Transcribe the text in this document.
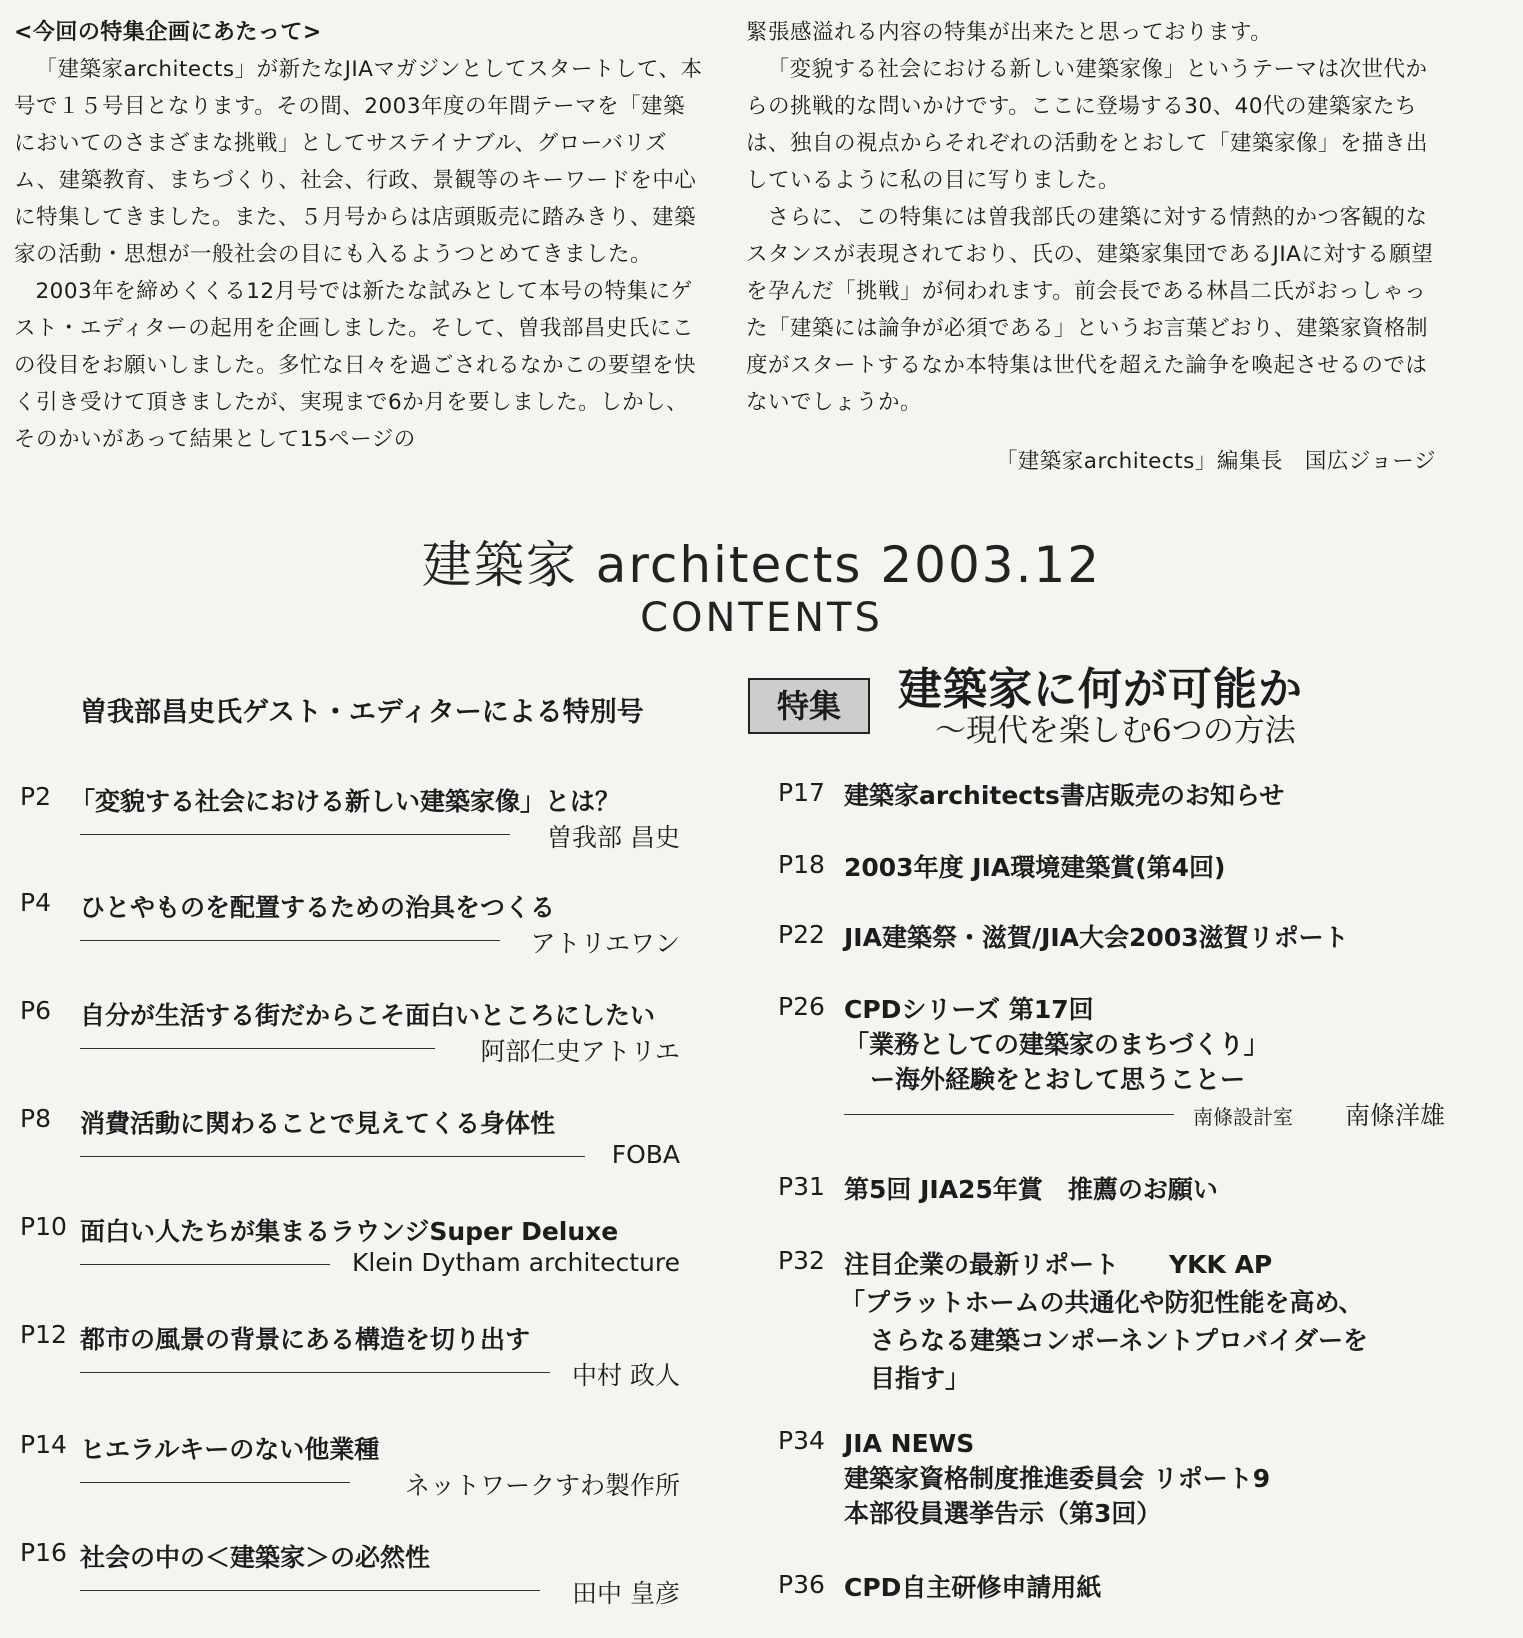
<今回の特集企画にあたって>

「建築家architects」が新たなJIAマガジンとしてスタートして、本号で１５号目となります。その間、2003年度の年間テーマを「建築においてのさまざまな挑戦」としてサステイナブル、グローバリズム、建築教育、まちづくり、社会、行政、景観等のキーワードを中心に特集してきました。また、５月号からは店頭販売に踏みきり、建築家の活動・思想が一般社会の目にも入るようつとめてきました。

2003年を締めくくる12月号では新たな試みとして本号の特集にゲスト・エディターの起用を企画しました。そして、曽我部昌史氏にこの役目をお願いしました。多忙な日々を過ごされるなかこの要望を快く引き受けて頂きましたが、実現まで6か月を要しました。しかし、そのかいがあって結果として15ページの

緊張感溢れる内容の特集が出来たと思っております。

「変貌する社会における新しい建築家像」というテーマは次世代からの挑戦的な問いかけです。ここに登場する30、40代の建築家たちは、独自の視点からそれぞれの活動をとおして「建築家像」を描き出しているように私の目に写りました。

さらに、この特集には曽我部氏の建築に対する情熱的かつ客観的なスタンスが表現されており、氏の、建築家集団であるJIAに対する願望を孕んだ「挑戦」が伺われます。前会長である林昌二氏がおっしゃった「建築には論争が必須である」というお言葉どおり、建築家資格制度がスタートするなか本特集は世代を超えた論争を喚起させるのではないでしょうか。

「建築家architects」編集長　国広ジョージ

建築家 architects 2003.12
CONTENTS
曽我部昌史氏ゲスト・エディターによる特別号	特集	建築家に何が可能か
〜現代を楽しむ6つの方法
P2 「変貌する社会における新しい建築家像」とは？
曽我部 昌史
P4 ひとやものを配置するための治具をつくる
アトリエワン
P6 自分が生活する街だからこそ面白いところにしたい
阿部仁史アトリエ
P8 消費活動に関わることで見えてくる身体性
FOBA
P10 面白い人たちが集まるラウンジSuper Deluxe
Klein Dytham architecture
P12 都市の風景の背景にある構造を切り出す
中村 政人
P14 ヒエラルキーのない他業種
ネットワークすわ製作所
P16 社会の中の＜建築家＞の必然性
田中 皇彦
P17 建築家architects書店販売のお知らせ
P18 2003年度 JIA環境建築賞(第4回)
P22 JIA建築祭・滋賀/JIA大会2003滋賀リポート
P26 CPDシリーズ 第17回
「業務としての建築家のまちづくり」
ー海外経験をとおして思うことー
南條設計室 南條洋雄
P31 第5回 JIA25年賞　推薦のお願い
P32 注目企業の最新リポート YKK AP
「プラットホームの共通化や防犯性能を高め、
さらなる建築コンポーネントプロバイダーを
目指す」
P34 JIA NEWS
建築家資格制度推進委員会 リポート9
本部役員選挙告示（第3回）
P36 CPD自主研修申請用紙
